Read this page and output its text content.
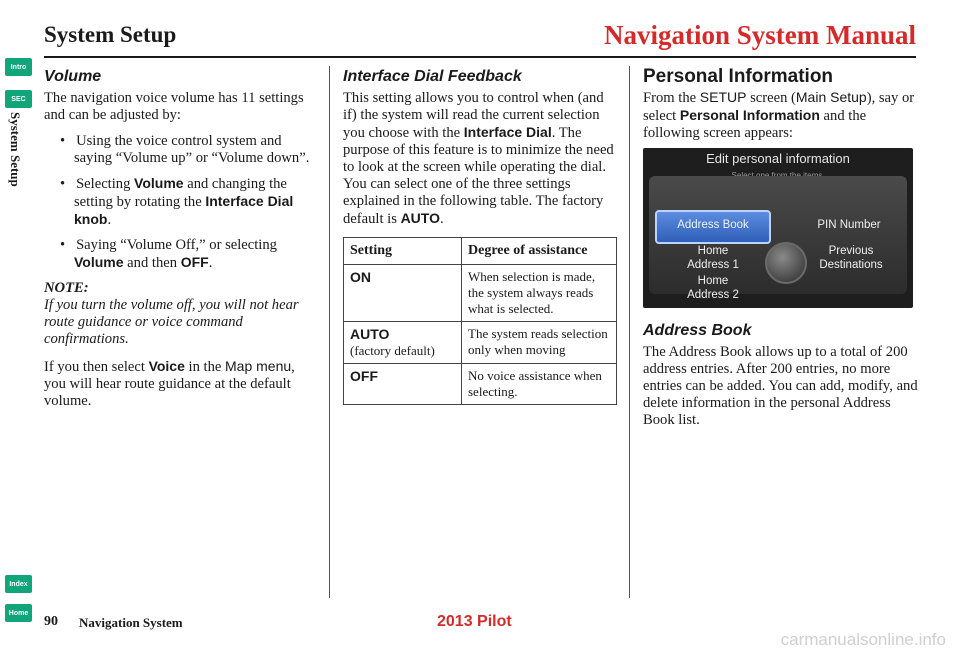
System Setup	Navigation System Manual
Intro
SEC
System Setup
Index
Home
Volume

The navigation voice volume has 11 settings and can be adjusted by:

•   Using the voice control system and saying “Volume up” or “Volume down”.
•   Selecting Volume and changing the setting by rotating the Interface Dial knob.
•   Saying “Volume Off,” or selecting Volume and then OFF.
NOTE:
If you turn the volume off, you will not hear route guidance or voice command confirmations.

If you then select Voice in the Map menu, you will hear route guidance at the default volume.

Interface Dial Feedback

This setting allows you to control when (and if) the system will read the current selection you choose with the Interface Dial. The purpose of this feature is to minimize the need to look at the screen while operating the dial. You can select one of the three settings explained in the following table. The factory default is AUTO.

Setting	Degree of assistance
ON	When selection is made, the system always reads what is selected.
AUTO
(factory default)	The system reads selection only when moving
OFF	No voice assistance when selecting.
Personal Information

From the SETUP screen (Main Setup), say or select Personal Information and the following screen appears:

Edit personal information
Address Book	PIN Number
Home
Address 1
Previous
Destinations
Home
Address 2
Address Book

The Address Book allows up to a total of 200 address entries. After 200 entries, no more entries can be added. You can add, modify, and delete information in the personal Address Book list.

90 Navigation System	2013 Pilot
carmanualsonline.info
